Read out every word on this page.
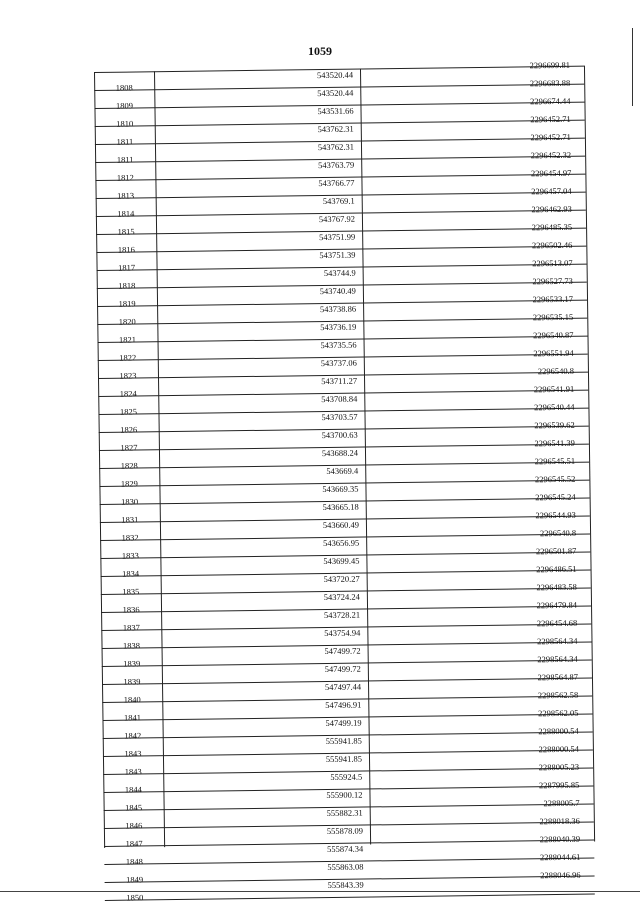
1059
1808
543520.44
2296699.81
1809
543520.44
2296683.88
1810
543531.66
2296674.44
1811
543762.31
2296452.71
1811
543762.31
2296452.71
1812
543763.79
2296452.32
1813
543766.77
2296454.97
1814
543769.1
2296457.04
1815
543767.92
2296462.93
1816
543751.99
2296485.35
1817
543751.39
2296502.46
1818
543744.9
2296513.07
1819
543740.49
2296527.73
1820
543738.86
2296533.17
1821
543736.19
2296535.15
1822
543735.56
2296540.87
1823
543737.06
2296551.94
1824
543711.27
2296540.8
1825
543708.84
2296541.91
1826
543703.57
2296540.44
1827
543700.63
2296539.62
1828
543688.24
2296541.39
1829
543669.4
2296545.51
1830
543669.35
2296545.52
1831
543665.18
2296545.24
1832
543660.49
2296544.93
1833
543656.95
2296540.8
1834
543699.45
2296501.87
1835
543720.27
2296486.51
1836
543724.24
2296483.58
1837
543728.21
2296479.84
1838
543754.94
2296454.68
1839
547499.72
2298564.34
1839
547499.72
2298564.34
1840
547497.44
2298564.87
1841
547496.91
2298562.58
1842
547499.19
2298562.05
1843
555941.85
2288000.54
1843
555941.85
2288000.54
1844
555924.5
2288005.23
1845
555900.12
2287995.85
1846
555882.31
2288005.7
1847
555878.09
2288018.36
1848
555874.34
2288040.39
1849
555863.08
2288044.61
1850
555843.39
2288046.96
